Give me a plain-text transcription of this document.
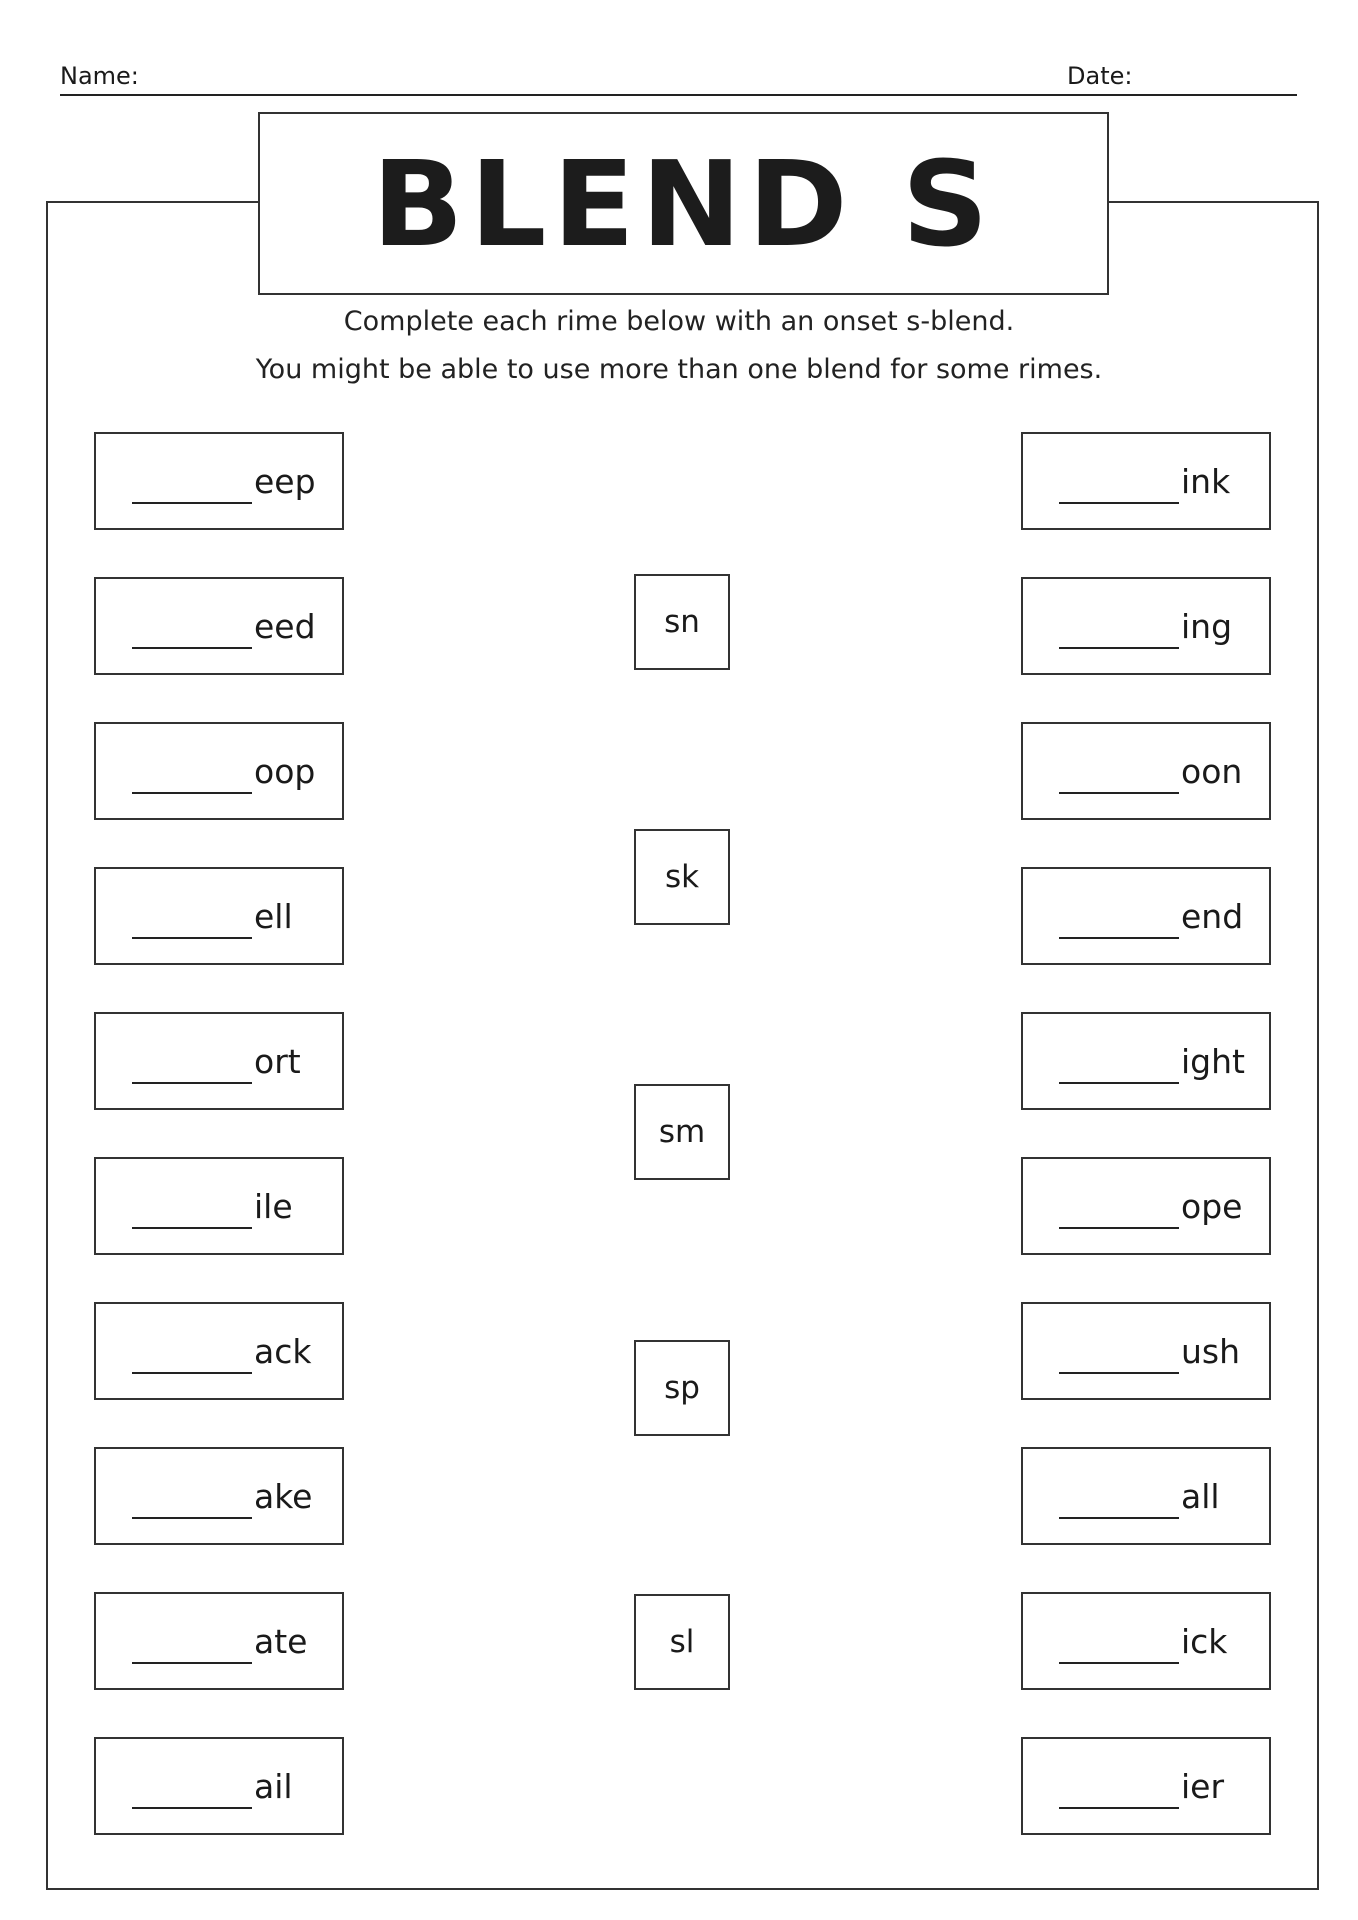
Name:	Date:
BLEND S
Complete each rime below with an onset s-blend.
You might be able to use more than one blend for some rimes.
eep
eed
oop
ell
ort
ile
ack
ake
ate
ail
ink
ing
oon
end
ight
ope
ush
all
ick
ier
sn
sk
sm
sp
sl
